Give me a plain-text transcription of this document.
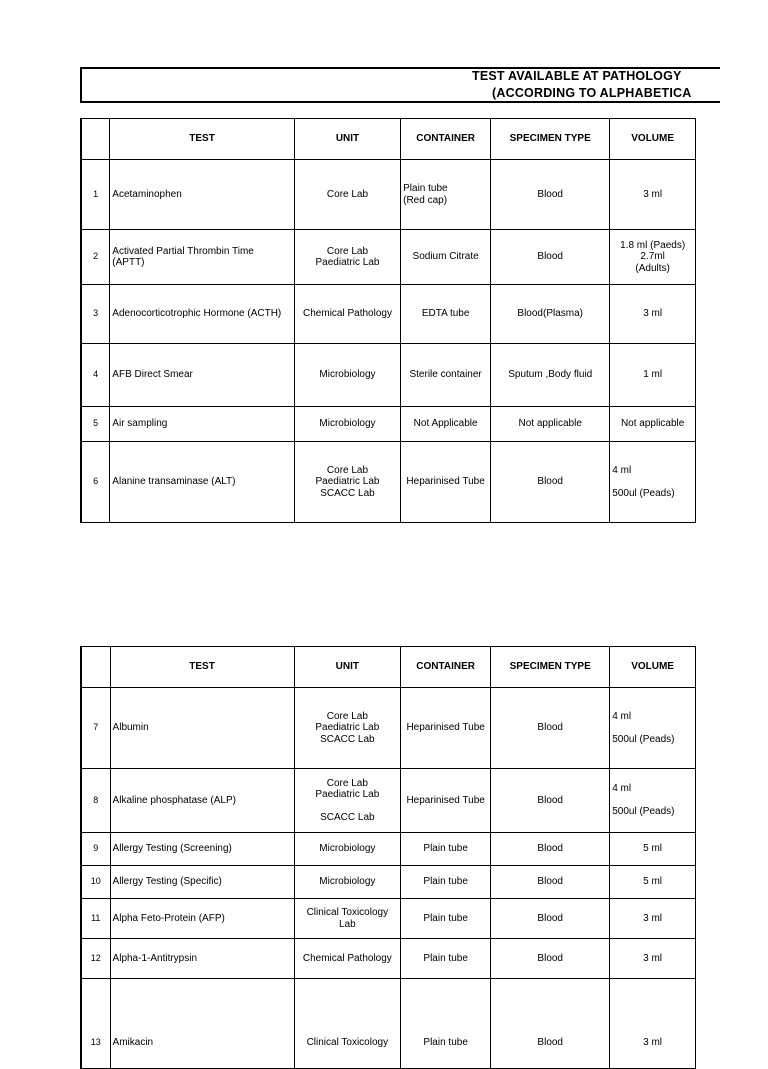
TEST AVAILABLE AT PATHOLOGY
(ACCORDING TO ALPHABETICA
	TEST	UNIT	CONTAINER	SPECIMEN TYPE	VOLUME
1	Acetaminophen	Core Lab	Plain tube
(Red cap)	Blood	3 ml
2	Activated Partial Thrombin Time
(APTT)	Core Lab
Paediatric Lab	Sodium Citrate	Blood	1.8 ml (Paeds)
2.7ml
(Adults)
3	Adenocorticotrophic Hormone (ACTH)	Chemical Pathology	EDTA tube	Blood(Plasma)	3 ml
4	AFB Direct Smear	Microbiology	Sterile container	Sputum ,Body fluid	1 ml
5	Air sampling	Microbiology	Not Applicable	Not applicable	Not applicable
6	Alanine transaminase (ALT)	Core Lab
Paediatric Lab
SCACC Lab	Heparinised Tube	Blood	4 ml

500ul (Peads)
	TEST	UNIT	CONTAINER	SPECIMEN TYPE	VOLUME
7	Albumin	Core Lab
Paediatric Lab
SCACC Lab	Heparinised Tube	Blood	4 ml

500ul (Peads)
8	Alkaline phosphatase (ALP)	Core Lab
Paediatric Lab

SCACC Lab	Heparinised Tube	Blood	4 ml

500ul (Peads)
9	Allergy Testing (Screening)	Microbiology	Plain tube	Blood	5 ml
10	Allergy Testing (Specific)	Microbiology	Plain tube	Blood	5 ml
11	Alpha Feto-Protein (AFP)	Clinical Toxicology
Lab	Plain tube	Blood	3 ml
12	Alpha-1-Antitrypsin	Chemical Pathology	Plain tube	Blood	3 ml
13	Amikacin	Clinical Toxicology	Plain tube	Blood	3 ml
